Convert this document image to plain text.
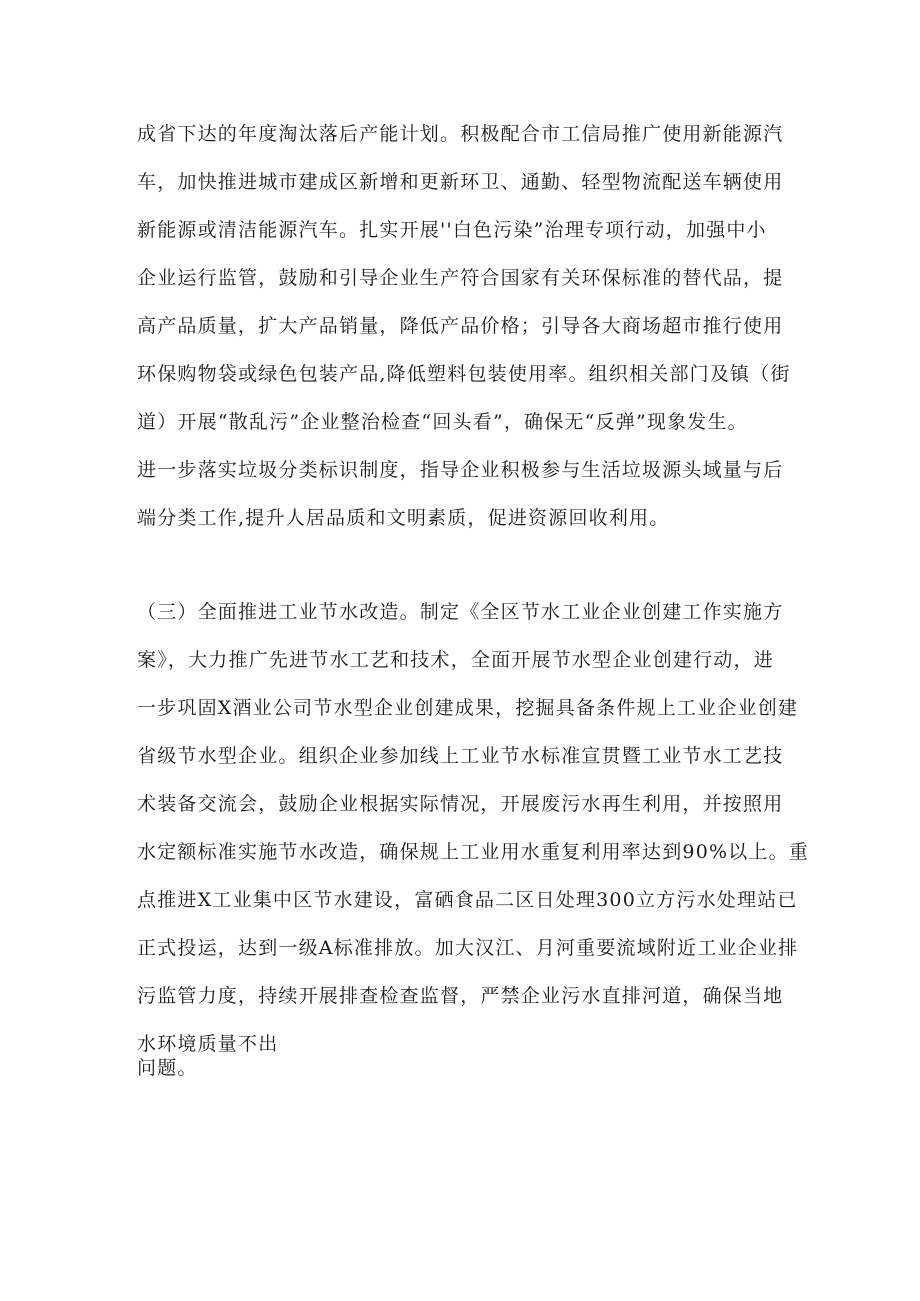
成省下达的年度淘汰落后产能计划。积极配合市工信局推广使用新能源汽
车，加快推进城市建成区新增和更新环卫、通勤、轻型物流配送车辆使用
新能源或清洁能源汽车。扎实开展''白色污染”治理专项行动，加强中小
企业运行监管，鼓励和引导企业生产符合国家有关环保标准的替代品，提
高产品质量，扩大产品销量，降低产品价格；引导各大商场超市推行使用
环保购物袋或绿色包装产品,降低塑料包装使用率。组织相关部门及镇（街
道）开展“散乱污”企业整治检查“回头看”，确保无“反弹”现象发生。
进一步落实垃圾分类标识制度，指导企业积极参与生活垃圾源头域量与后
端分类工作,提升人居品质和文明素质，促进资源回收利用。
（三）全面推进工业节水改造。制定《全区节水工业企业创建工作实施方
案》，大力推广先进节水工艺和技术，全面开展节水型企业创建行动，进
一步巩固X酒业公司节水型企业创建成果，挖掘具备条件规上工业企业创建
省级节水型企业。组织企业参加线上工业节水标准宣贯暨工业节水工艺技
术装备交流会，鼓励企业根据实际情况，开展废污水再生利用，并按照用
水定额标准实施节水改造，确保规上工业用水重复利用率达到90%以上。重
点推进X工业集中区节水建设，富硒食品二区日处理300立方污水处理站已
正式投运，达到一级A标准排放。加大汉江、月河重要流域附近工业企业排
污监管力度，持续开展排查检查监督，严禁企业污水直排河道，确保当地
水环境质量不出
问题。
